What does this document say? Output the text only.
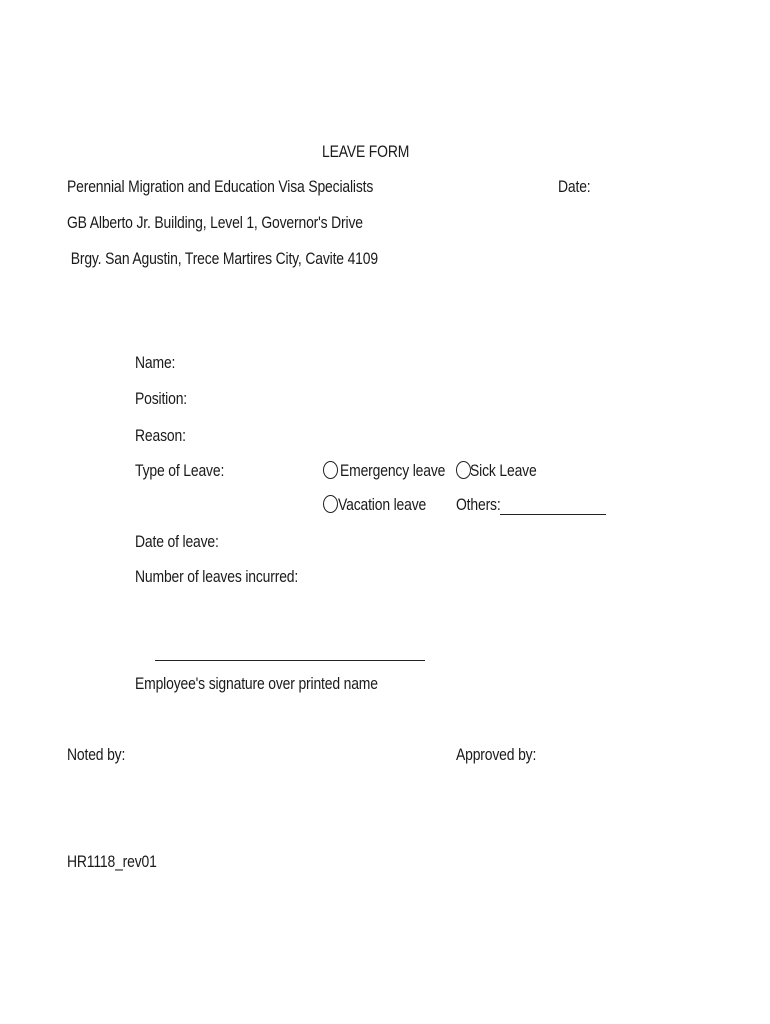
LEAVE FORM
Perennial Migration and Education Visa Specialists	Date:
GB Alberto Jr. Building, Level 1, Governor's Drive
Brgy. San Agustin, Trece Martires City, Cavite 4109
Name:
Position:
Reason:
Type of Leave:	Emergency leave Sick Leave
Vacation leave Others:
Date of leave:
Number of leaves incurred:
Employee's signature over printed name
Noted by:	Approved by:
HR1118_rev01
